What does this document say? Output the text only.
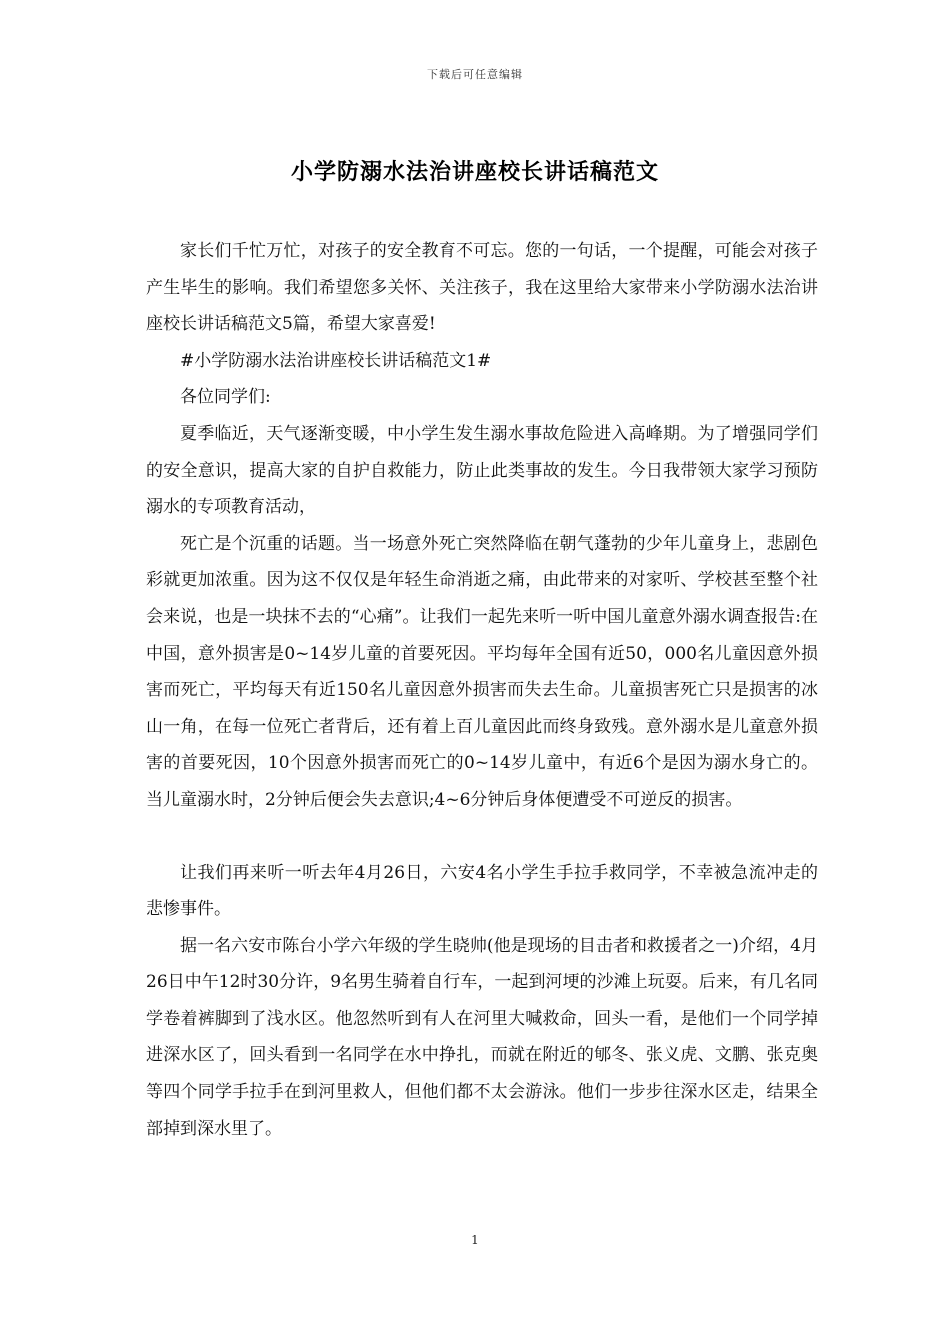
下载后可任意编辑
小学防溺水法治讲座校长讲话稿范文

家长们千忙万忙，对孩子的安全教育不可忘。您的一句话，一个提醒，可能会对孩子产生毕生的影响。我们希望您多关怀、关注孩子，我在这里给大家带来小学防溺水法治讲座校长讲话稿范文5篇，希望大家喜爱!

#小学防溺水法治讲座校长讲话稿范文1#

各位同学们:

夏季临近，天气逐渐变暖，中小学生发生溺水事故危险进入高峰期。为了增强同学们的安全意识，提高大家的自护自救能力，防止此类事故的发生。今日我带领大家学习预防溺水的专项教育活动，

死亡是个沉重的话题。当一场意外死亡突然降临在朝气蓬勃的少年儿童身上，悲剧色彩就更加浓重。因为这不仅仅是年轻生命消逝之痛，由此带来的对家听、学校甚至整个社会来说，也是一块抹不去的“心痛”。让我们一起先来听一听中国儿童意外溺水调查报告:在中国，意外损害是0~14岁儿童的首要死因。平均每年全国有近50，000名儿童因意外损害而死亡，平均每天有近150名儿童因意外损害而失去生命。儿童损害死亡只是损害的冰山一角，在每一位死亡者背后，还有着上百儿童因此而终身致残。意外溺水是儿童意外损害的首要死因，10个因意外损害而死亡的0~14岁儿童中，有近6个是因为溺水身亡的。当儿童溺水时，2分钟后便会失去意识;4~6分钟后身体便遭受不可逆反的损害。

让我们再来听一听去年4月26日，六安4名小学生手拉手救同学，不幸被急流冲走的悲惨事件。

据一名六安市陈台小学六年级的学生晓帅(他是现场的目击者和救援者之一)介绍，4月26日中午12时30分许，9名男生骑着自行车，一起到河埂的沙滩上玩耍。后来，有几名同学卷着裤脚到了浅水区。他忽然听到有人在河里大喊救命，回头一看，是他们一个同学掉进深水区了，回头看到一名同学在水中挣扎，而就在附近的郇冬、张义虎、文鹏、张克奥等四个同学手拉手在到河里救人，但他们都不太会游泳。他们一步步往深水区走，结果全部掉到深水里了。

1
